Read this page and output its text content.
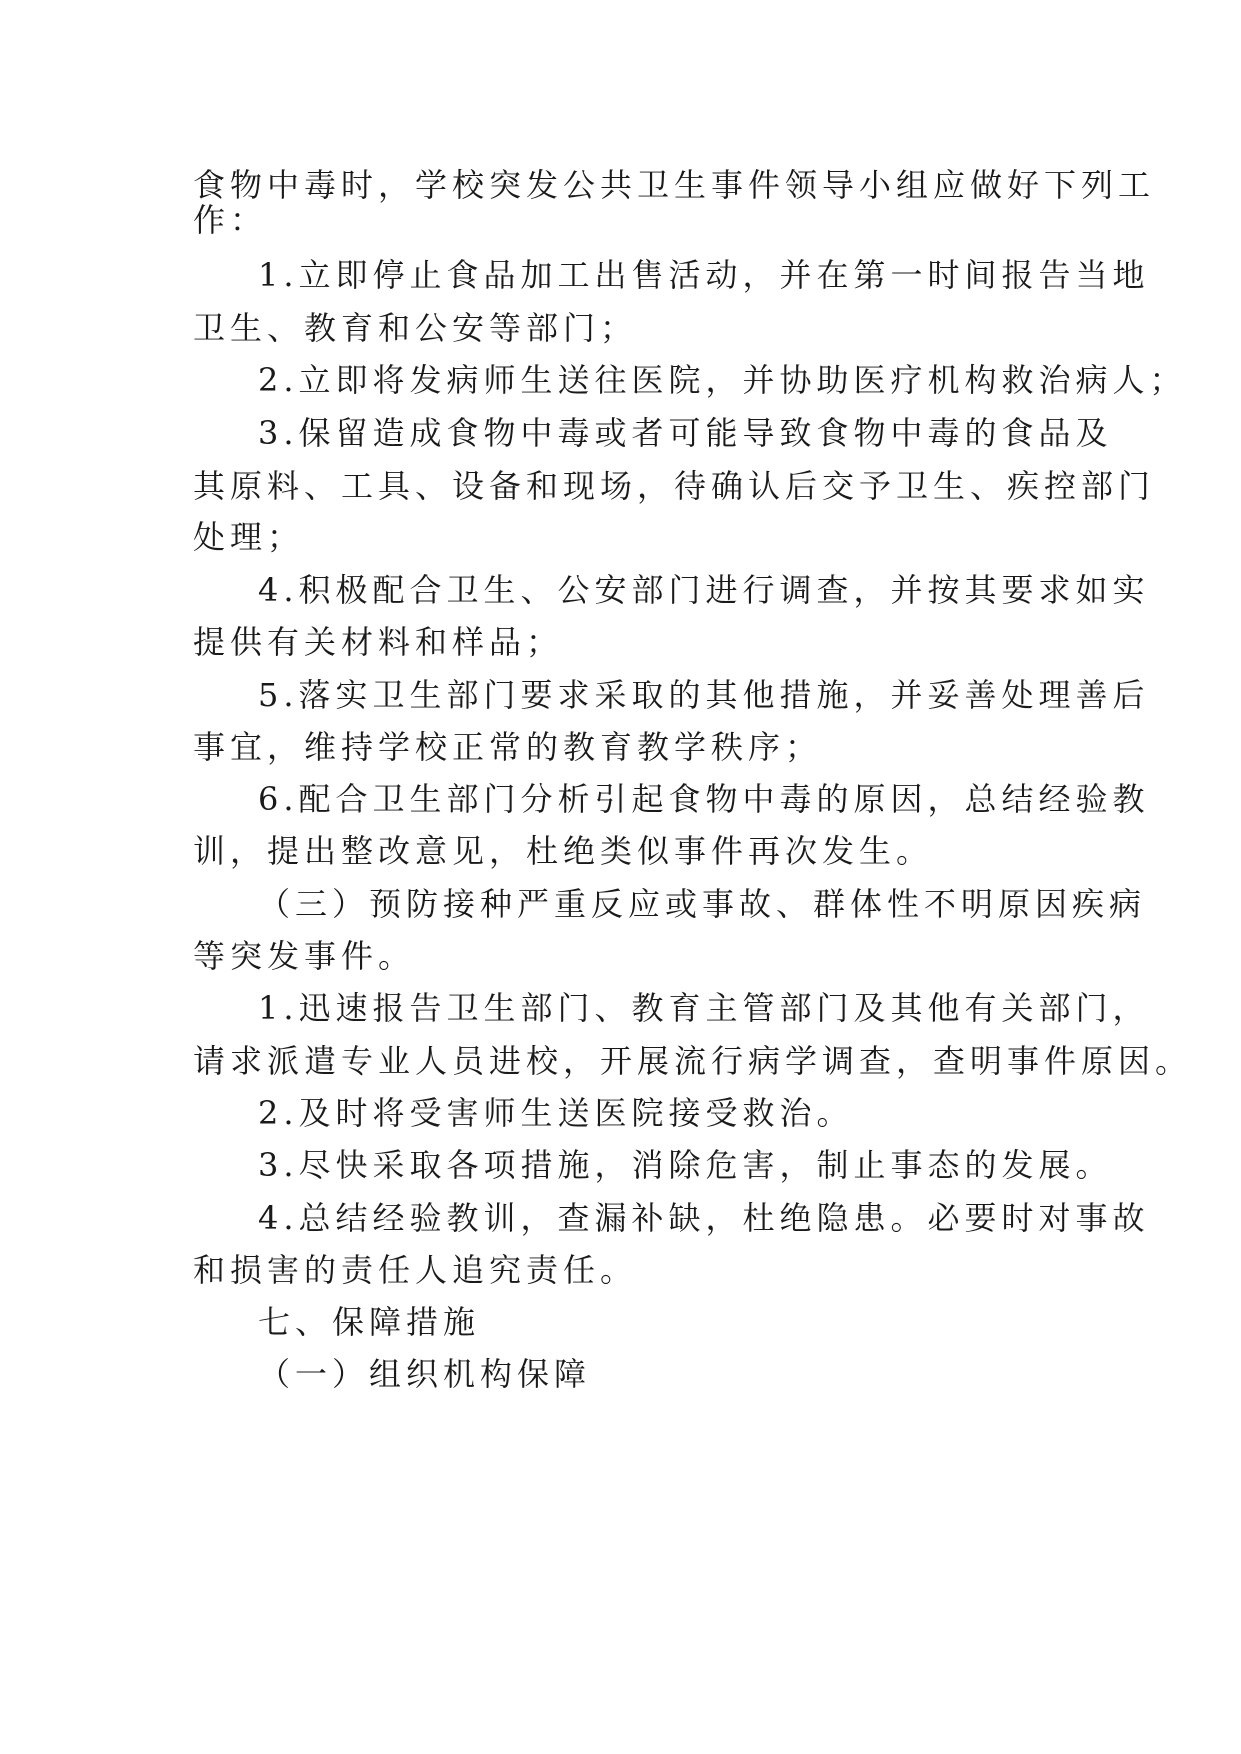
食物中毒时，学校突发公共卫生事件领导小组应做好下列工
作：
1.立即停止食品加工出售活动，并在第一时间报告当地
卫生、教育和公安等部门；
2.立即将发病师生送往医院，并协助医疗机构救治病人；
3.保留造成食物中毒或者可能导致食物中毒的食品及
其原料、工具、设备和现场，待确认后交予卫生、疾控部门
处理；
4.积极配合卫生、公安部门进行调查，并按其要求如实
提供有关材料和样品；
5.落实卫生部门要求采取的其他措施，并妥善处理善后
事宜，维持学校正常的教育教学秩序；
6.配合卫生部门分析引起食物中毒的原因，总结经验教
训，提出整改意见，杜绝类似事件再次发生。
（三）预防接种严重反应或事故、群体性不明原因疾病
等突发事件。
1.迅速报告卫生部门、教育主管部门及其他有关部门，
请求派遣专业人员进校，开展流行病学调查，查明事件原因。
2.及时将受害师生送医院接受救治。
3.尽快采取各项措施，消除危害，制止事态的发展。
4.总结经验教训，查漏补缺，杜绝隐患。必要时对事故
和损害的责任人追究责任。
七、保障措施
（一）组织机构保障
